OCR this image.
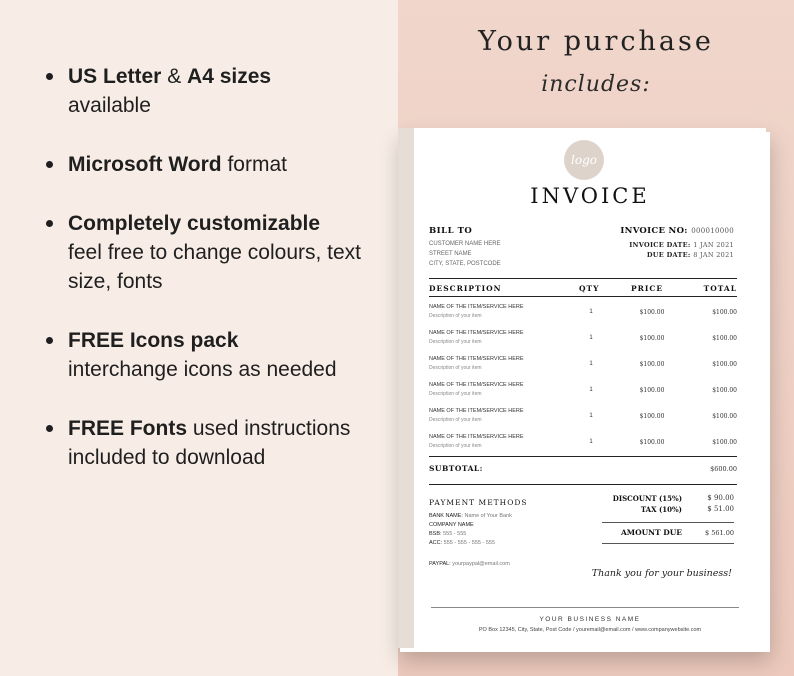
US Letter & A4 sizes
available
Microsoft Word format
Completely customizable
feel free to change colours, text size, fonts
FREE Icons pack
interchange icons as needed
FREE Fonts used instructions included to download
Your purchase
includes:
logo
INVOICE
BILL TO
CUSTOMER NAME HERE
STREET NAME
CITY, STATE, POSTCODE
INVOICE NO: 000010000
INVOICE DATE: 1 JAN 2021
DUE DATE: 8 JAN 2021
DESCRIPTION	QTY	PRICE	TOTAL
NAME OF THE ITEM/SERVICE HERE
Description of your item
1	$100.00	$100.00
NAME OF THE ITEM/SERVICE HERE
Description of your item
1	$100.00	$100.00
NAME OF THE ITEM/SERVICE HERE
Description of your item
1	$100.00	$100.00
NAME OF THE ITEM/SERVICE HERE
Description of your item
1	$100.00	$100.00
NAME OF THE ITEM/SERVICE HERE
Description of your item
1	$100.00	$100.00
NAME OF THE ITEM/SERVICE HERE
Description of your item
1	$100.00	$100.00
SUBTOTAL:	$600.00
PAYMENT METHODS
BANK NAME: Name of Your Bank
COMPANY NAME
BSB: 555 - 555
ACC: 555 - 555 - 555 - 555
PAYPAL: yourpaypal@email.com
DISCOUNT (15%)	$ 90.00
TAX (10%)	$ 51.00
AMOUNT DUE	$ 561.00
Thank you for your business!
YOUR BUSINESS NAME
PO Box 12345, City, State, Post Code / youremail@email.com / www.companywebsite.com
